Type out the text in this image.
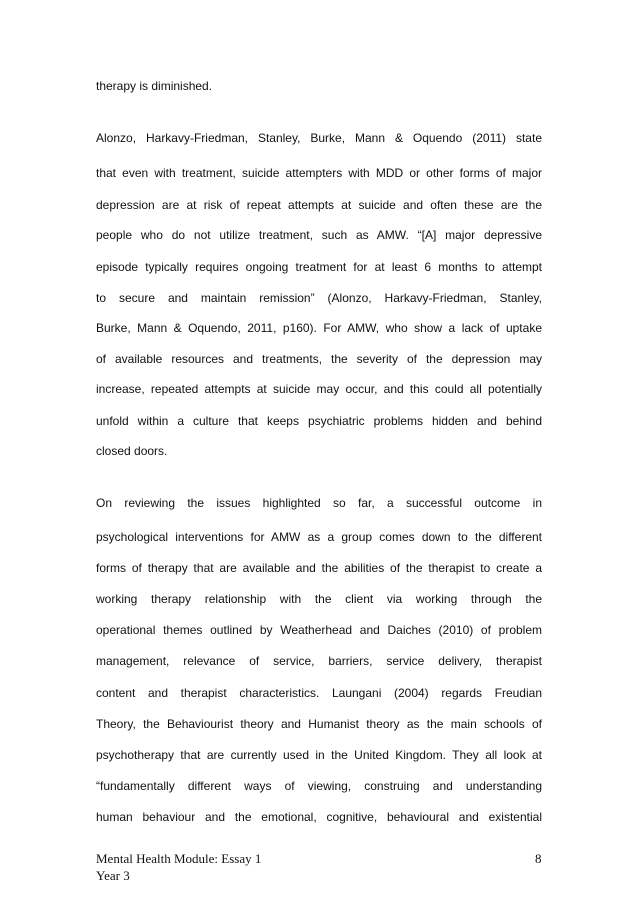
therapy is diminished.
Alonzo, Harkavy-Friedman, Stanley, Burke, Mann & Oquendo (2011) state
that even with treatment, suicide attempters with MDD or other forms of major
depression are at risk of repeat attempts at suicide and often these are the
people who do not utilize treatment, such as AMW. “[A] major depressive
episode typically requires ongoing treatment for at least 6 months to attempt
to secure and maintain remission” (Alonzo, Harkavy-Friedman, Stanley,
Burke, Mann & Oquendo, 2011, p160). For AMW, who show a lack of uptake
of available resources and treatments, the severity of the depression may
increase, repeated attempts at suicide may occur, and this could all potentially
unfold within a culture that keeps psychiatric problems hidden and behind
closed doors.
On reviewing the issues highlighted so far, a successful outcome in
psychological interventions for AMW as a group comes down to the different
forms of therapy that are available and the abilities of the therapist to create a
working therapy relationship with the client via working through the
operational themes outlined by Weatherhead and Daiches (2010) of problem
management, relevance of service, barriers, service delivery, therapist
content and therapist characteristics. Laungani (2004) regards Freudian
Theory, the Behaviourist theory and Humanist theory as the main schools of
psychotherapy that are currently used in the United Kingdom. They all look at
“fundamentally different ways of viewing, construing and understanding
human behaviour and the emotional, cognitive, behavioural and existential
Mental Health Module: Essay 1
Year 3
8
